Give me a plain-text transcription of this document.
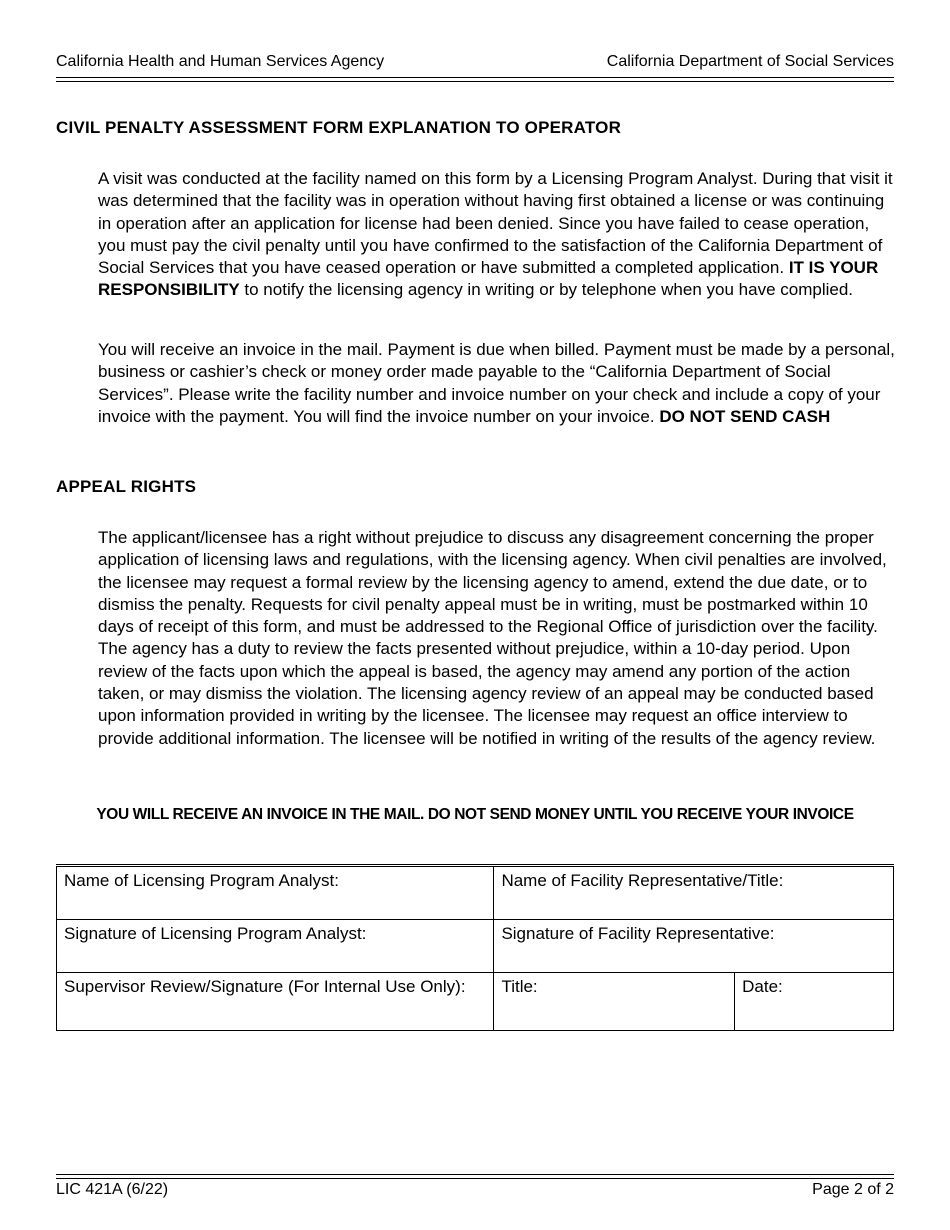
California Health and Human Services Agency	California Department of Social Services
CIVIL PENALTY ASSESSMENT FORM EXPLANATION TO OPERATOR

A visit was conducted at the facility named on this form by a Licensing Program Analyst. During that visit it was determined that the facility was in operation without having first obtained a license or was continuing in operation after an application for license had been denied. Since you have failed to cease operation, you must pay the civil penalty until you have confirmed to the satisfaction of the California Department of Social Services that you have ceased operation or have submitted a completed application. IT IS YOUR RESPONSIBILITY to notify the licensing agency in writing or by telephone when you have complied.

You will receive an invoice in the mail. Payment is due when billed. Payment must be made by a personal, business or cashier’s check or money order made payable to the “California Department of Social Services”. Please write the facility number and invoice number on your check and include a copy of your invoice with the payment. You will find the invoice number on your invoice. DO NOT SEND CASH

APPEAL RIGHTS

The applicant/licensee has a right without prejudice to discuss any disagreement concerning the proper application of licensing laws and regulations, with the licensing agency. When civil penalties are involved, the licensee may request a formal review by the licensing agency to amend, extend the due date, or to dismiss the penalty. Requests for civil penalty appeal must be in writing, must be postmarked within 10 days of receipt of this form, and must be addressed to the Regional Office of jurisdiction over the facility. The agency has a duty to review the facts presented without prejudice, within a 10-day period. Upon review of the facts upon which the appeal is based, the agency may amend any portion of the action taken, or may dismiss the violation. The licensing agency review of an appeal may be conducted based upon information provided in writing by the licensee. The licensee may request an office interview to provide additional information. The licensee will be notified in writing of the results of the agency review.

YOU WILL RECEIVE AN INVOICE IN THE MAIL. DO NOT SEND MONEY UNTIL YOU RECEIVE YOUR INVOICE
Name of Licensing Program Analyst:	Name of Facility Representative/Title:	
Signature of Licensing Program Analyst:	Signature of Facility Representative:	
Supervisor Review/Signature (For Internal Use Only):	Title:	Date:
LIC 421A (6/22)	Page 2 of 2
